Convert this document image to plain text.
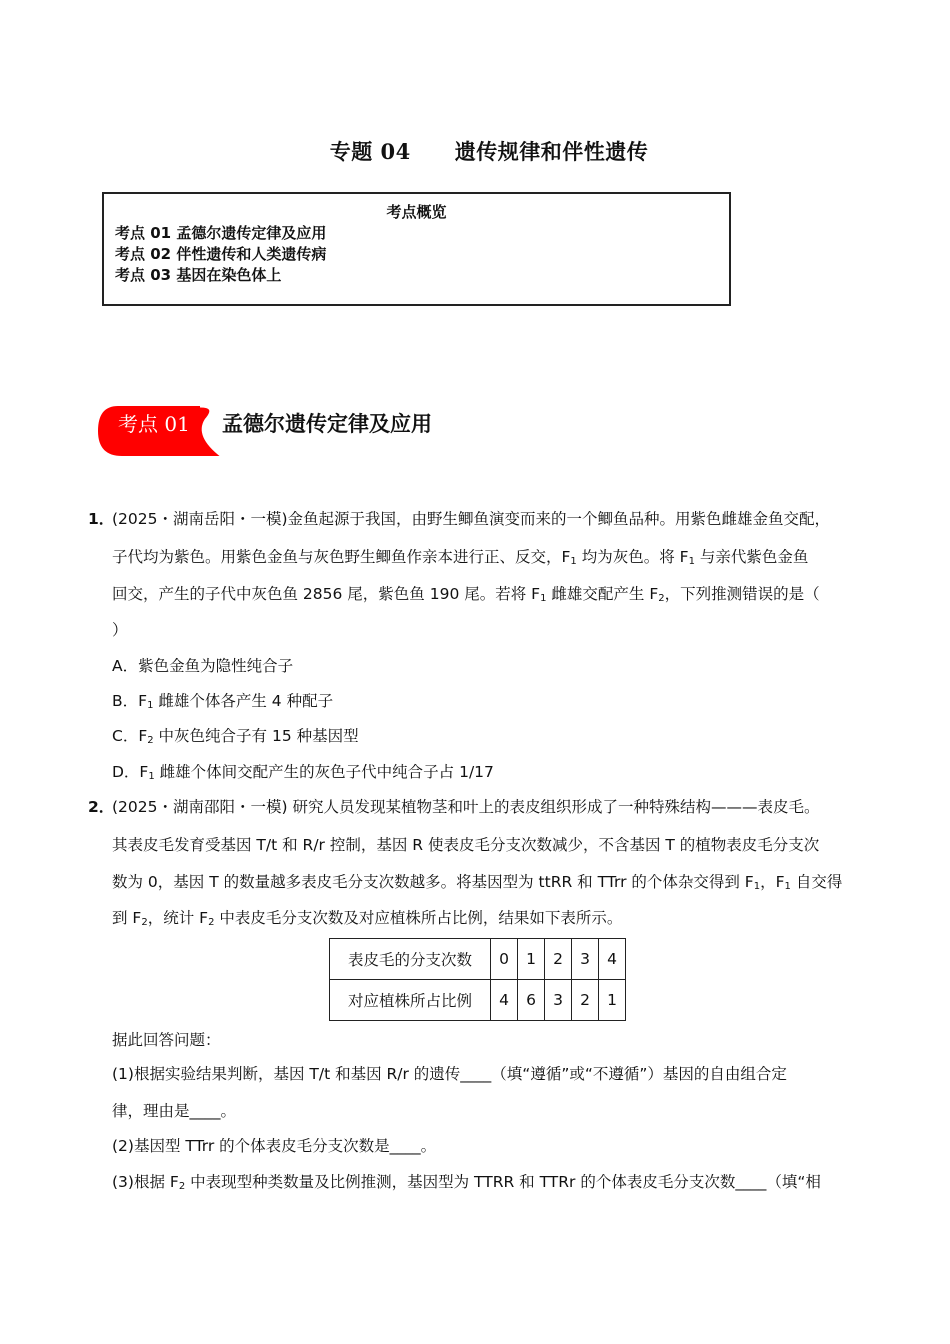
专题 04 遗传规律和伴性遗传
考点概览
考点 01 孟德尔遗传定律及应用
考点 02 伴性遗传和人类遗传病
考点 03 基因在染色体上
考点 01 孟德尔遗传定律及应用
1．
(2025・湖南岳阳・一模)金鱼起源于我国，由野生鲫鱼演变而来的一个鲫鱼品种。用紫色雌雄金鱼交配，
子代均为紫色。用紫色金鱼与灰色野生鲫鱼作亲本进行正、反交，$F_1$ 均为灰色。将 $F_1$ 与亲代紫色金鱼
回交，产生的子代中灰色鱼 2856 尾，紫色鱼 190 尾。若将 $F_1$ 雌雄交配产生 $F_2$，下列推测错误的是（
）
A．紫色金鱼为隐性纯合子
B．$F_1$ 雌雄个体各产生 4 种配子
C．$F_2$ 中灰色纯合子有 15 种基因型
D．$F_1$ 雌雄个体间交配产生的灰色子代中纯合子占 1/17
2．
(2025・湖南邵阳・一模) 研究人员发现某植物茎和叶上的表皮组织形成了一种特殊结构———表皮毛。
其表皮毛发育受基因 T/t 和 R/r 控制，基因 R 使表皮毛分支次数减少，不含基因 T 的植物表皮毛分支次
数为 0，基因 T 的数量越多表皮毛分支次数越多。将基因型为 ttRR 和 TTrr 的个体杂交得到 $F_1$，$F_1$ 自交得
到 $F_2$，统计 $F_2$ 中表皮毛分支次数及对应植株所占比例，结果如下表所示。
表皮毛的分支次数	0	1	2	3	4
对应植株所占比例	4	6	3	2	1
据此回答问题：
(1)根据实验结果判断，基因 T/t 和基因 R/r 的遗传____（填“遵循”或“不遵循”）基因的自由组合定
律，理由是____。
(2)基因型 TTrr 的个体表皮毛分支次数是____。
(3)根据 $F_2$ 中表现型种类数量及比例推测，基因型为 TTRR 和 TTRr 的个体表皮毛分支次数____（填“相
